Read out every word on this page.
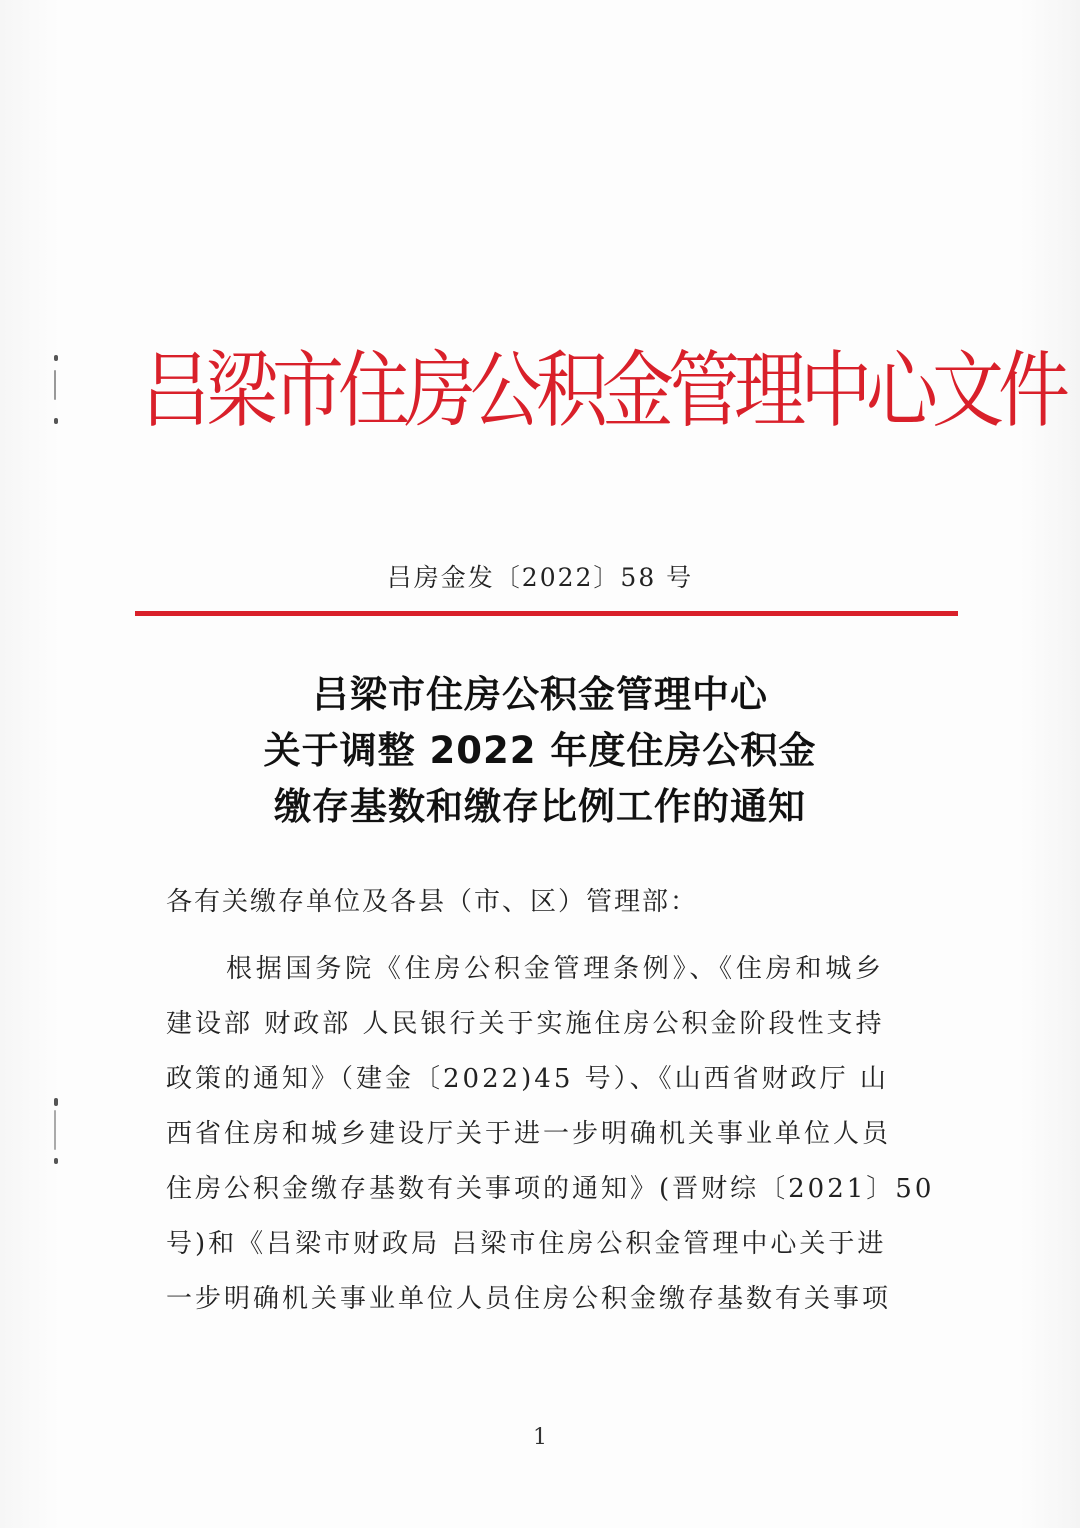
吕梁市住房公积金管理中心文件
吕房金发〔2022〕58 号
吕梁市住房公积金管理中心
关于调整 2022 年度住房公积金
缴存基数和缴存比例工作的通知
各有关缴存单位及各县（市、区）管理部：
根据国务院《住房公积金管理条例》、《住房和城乡
建设部 财政部 人民银行关于实施住房公积金阶段性支持
政策的通知》（建金〔2022)45 号）、《山西省财政厅 山
西省住房和城乡建设厅关于进一步明确机关事业单位人员
住房公积金缴存基数有关事项的通知》(晋财综〔2021〕50
号)和《吕梁市财政局 吕梁市住房公积金管理中心关于进
一步明确机关事业单位人员住房公积金缴存基数有关事项
1
